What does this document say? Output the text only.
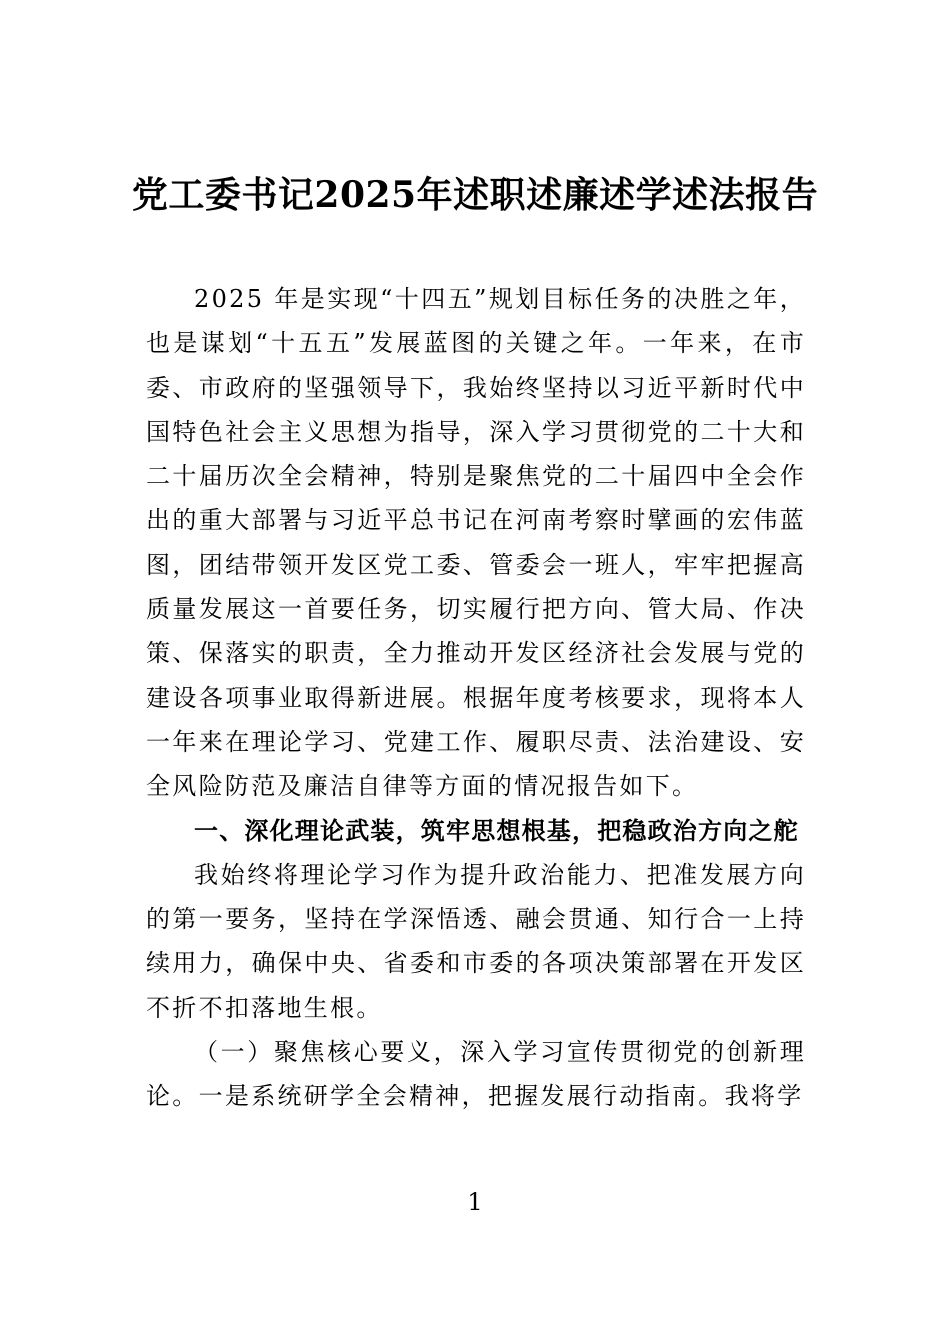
党工委书记2025年述职述廉述学述法报告

2025 年是实现“十四五”规划目标任务的决胜之年，也是谋划“十五五”发展蓝图的关键之年。一年来，在市委、市政府的坚强领导下，我始终坚持以习近平新时代中国特色社会主义思想为指导，深入学习贯彻党的二十大和二十届历次全会精神，特别是聚焦党的二十届四中全会作出的重大部署与习近平总书记在河南考察时擘画的宏伟蓝图，团结带领开发区党工委、管委会一班人，牢牢把握高质量发展这一首要任务，切实履行把方向、管大局、作决策、保落实的职责，全力推动开发区经济社会发展与党的建设各项事业取得新进展。根据年度考核要求，现将本人一年来在理论学习、党建工作、履职尽责、法治建设、安全风险防范及廉洁自律等方面的情况报告如下。

一、深化理论武装，筑牢思想根基，把稳政治方向之舵

我始终将理论学习作为提升政治能力、把准发展方向的第一要务，坚持在学深悟透、融会贯通、知行合一上持续用力，确保中央、省委和市委的各项决策部署在开发区不折不扣落地生根。

（一）聚焦核心要义，深入学习宣传贯彻党的创新理论。一是系统研学全会精神，把握发展行动指南。我将学

1
